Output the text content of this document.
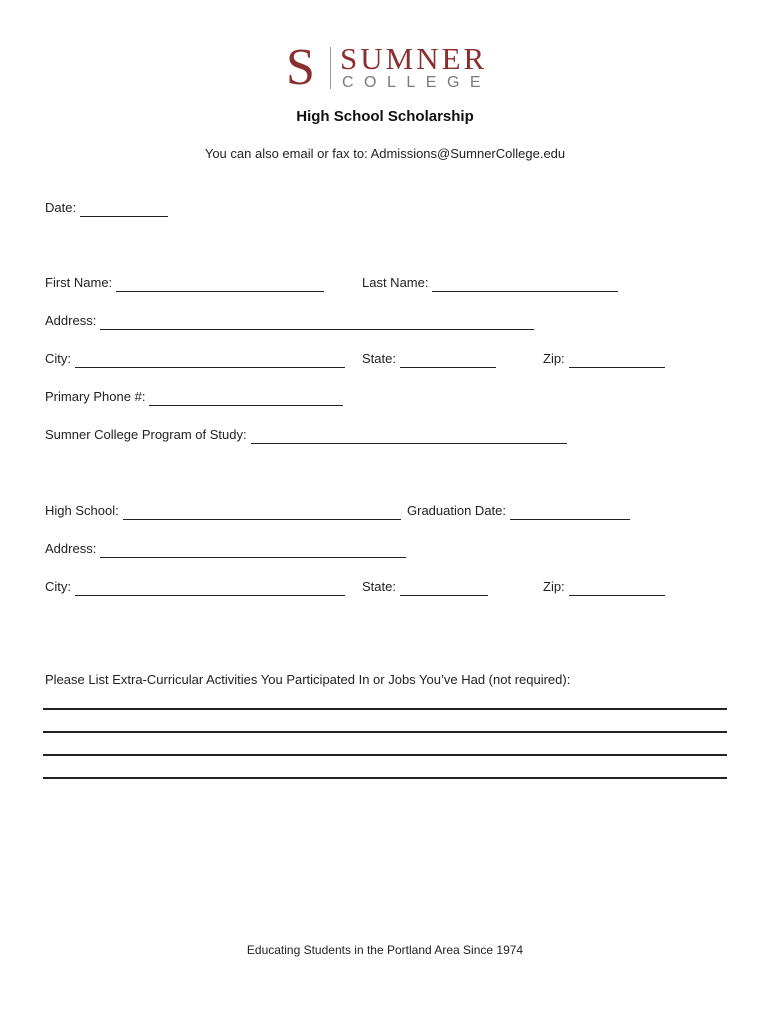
S SUMNER
COLLEGE
High School Scholarship
You can also email or fax to: Admissions@SumnerCollege.edu
Date:
First Name:	Last Name:
Address:
City:	State:	Zip:
Primary Phone #:
Sumner College Program of Study:
High School:	Graduation Date:
Address:
City:	State:	Zip:
Please List Extra-Curricular Activities You Participated In or Jobs You’ve Had (not required):
Educating Students in the Portland Area Since 1974
